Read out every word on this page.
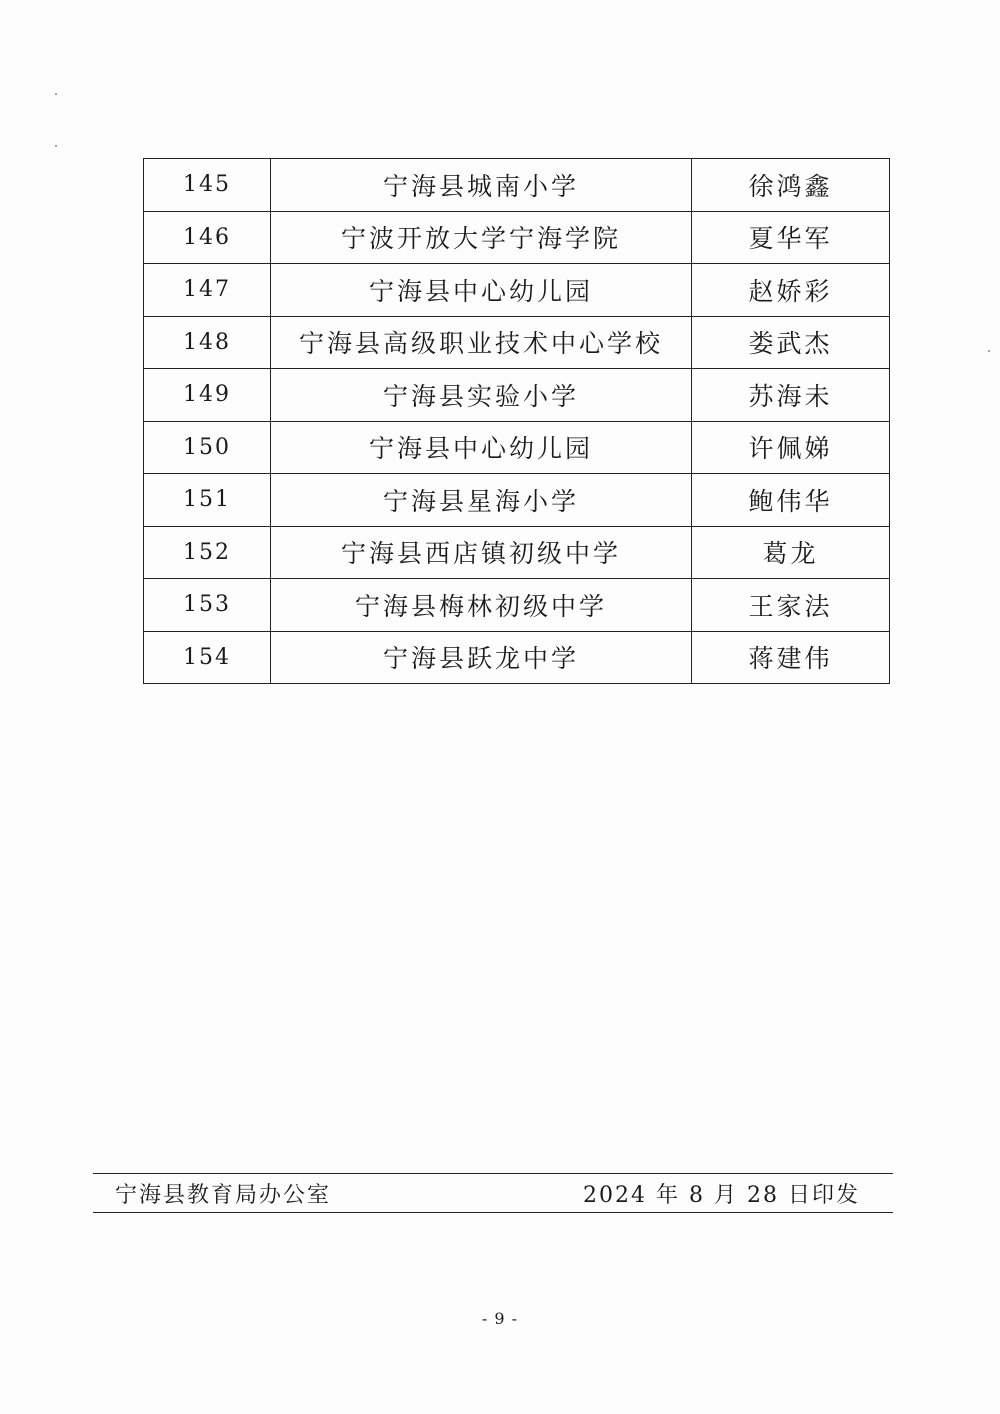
145	宁海县城南小学	徐鸿鑫
146	宁波开放大学宁海学院	夏华军
147	宁海县中心幼儿园	赵娇彩
148	宁海县高级职业技术中心学校	娄武杰
149	宁海县实验小学	苏海未
150	宁海县中心幼儿园	许佩娣
151	宁海县星海小学	鲍伟华
152	宁海县西店镇初级中学	葛龙
153	宁海县梅林初级中学	王家法
154	宁海县跃龙中学	蒋建伟
宁海县教育局办公室	2024 年 8 月 28 日印发
- 9 -
